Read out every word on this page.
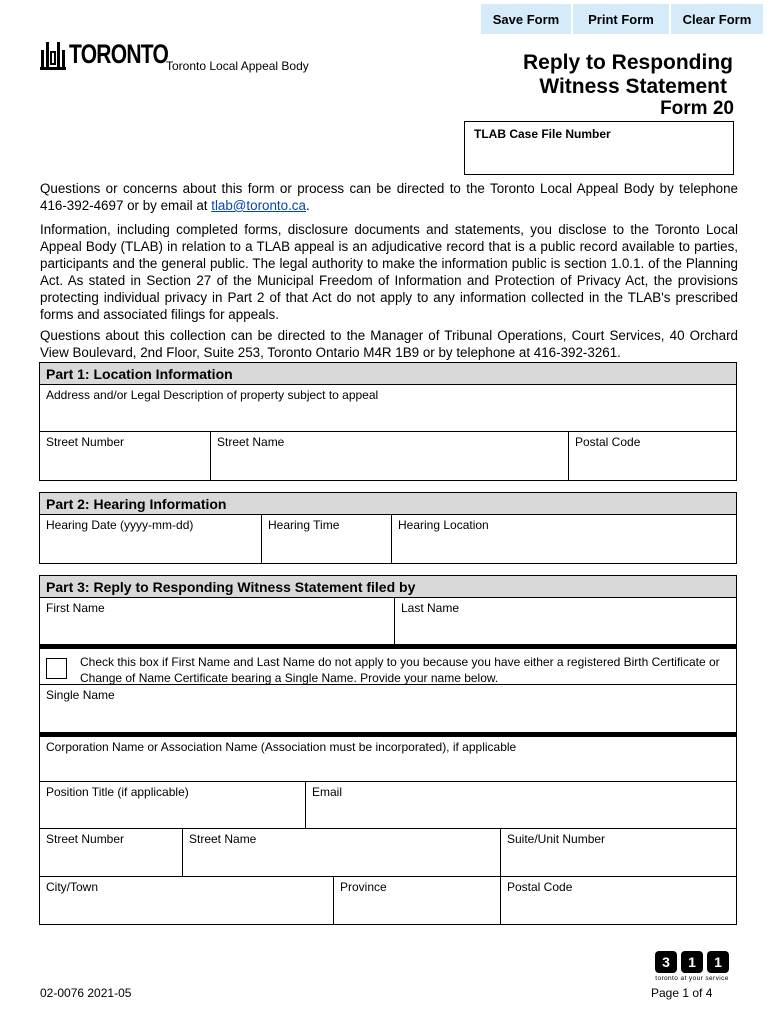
Save Form	Print Form	Clear Form
TORONTO
Toronto Local Appeal Body	Reply to Responding
Witness Statement
Form 20
TLAB Case File Number
Questions or concerns about this form or process can be directed to the Toronto Local Appeal Body by telephone 416-392-4697 or by email at tlab@toronto.ca.
Information, including completed forms, disclosure documents and statements, you disclose to the Toronto Local Appeal Body (TLAB) in relation to a TLAB appeal is an adjudicative record that is a public record available to parties, participants and the general public. The legal authority to make the information public is section 1.0.1. of the Planning Act. As stated in Section 27 of the Municipal Freedom of Information and Protection of Privacy Act, the provisions protecting individual privacy in Part 2 of that Act do not apply to any information collected in the TLAB's prescribed forms and associated filings for appeals.
Questions about this collection can be directed to the Manager of Tribunal Operations, Court Services, 40 Orchard View Boulevard, 2nd Floor, Suite 253, Toronto Ontario M4R 1B9 or by telephone at 416-392-3261.
Part 1: Location Information
Address and/or Legal Description of property subject to appeal
Street Number	Street Name	Postal Code
Part 2: Hearing Information
Hearing Date (yyyy-mm-dd)	Hearing Time	Hearing Location
Part 3: Reply to Responding Witness Statement filed by
First Name	Last Name
Check this box if First Name and Last Name do not apply to you because you have either a registered Birth Certificate or Change of Name Certificate bearing a Single Name. Provide your name below.
Single Name
Corporation Name or Association Name (Association must be incorporated), if applicable
Position Title (if applicable)	Email
Street Number	Street Name	Suite/Unit Number
City/Town	Province	Postal Code
3	1	1
toronto at your service
02-0076 2021-05	Page 1 of 4
